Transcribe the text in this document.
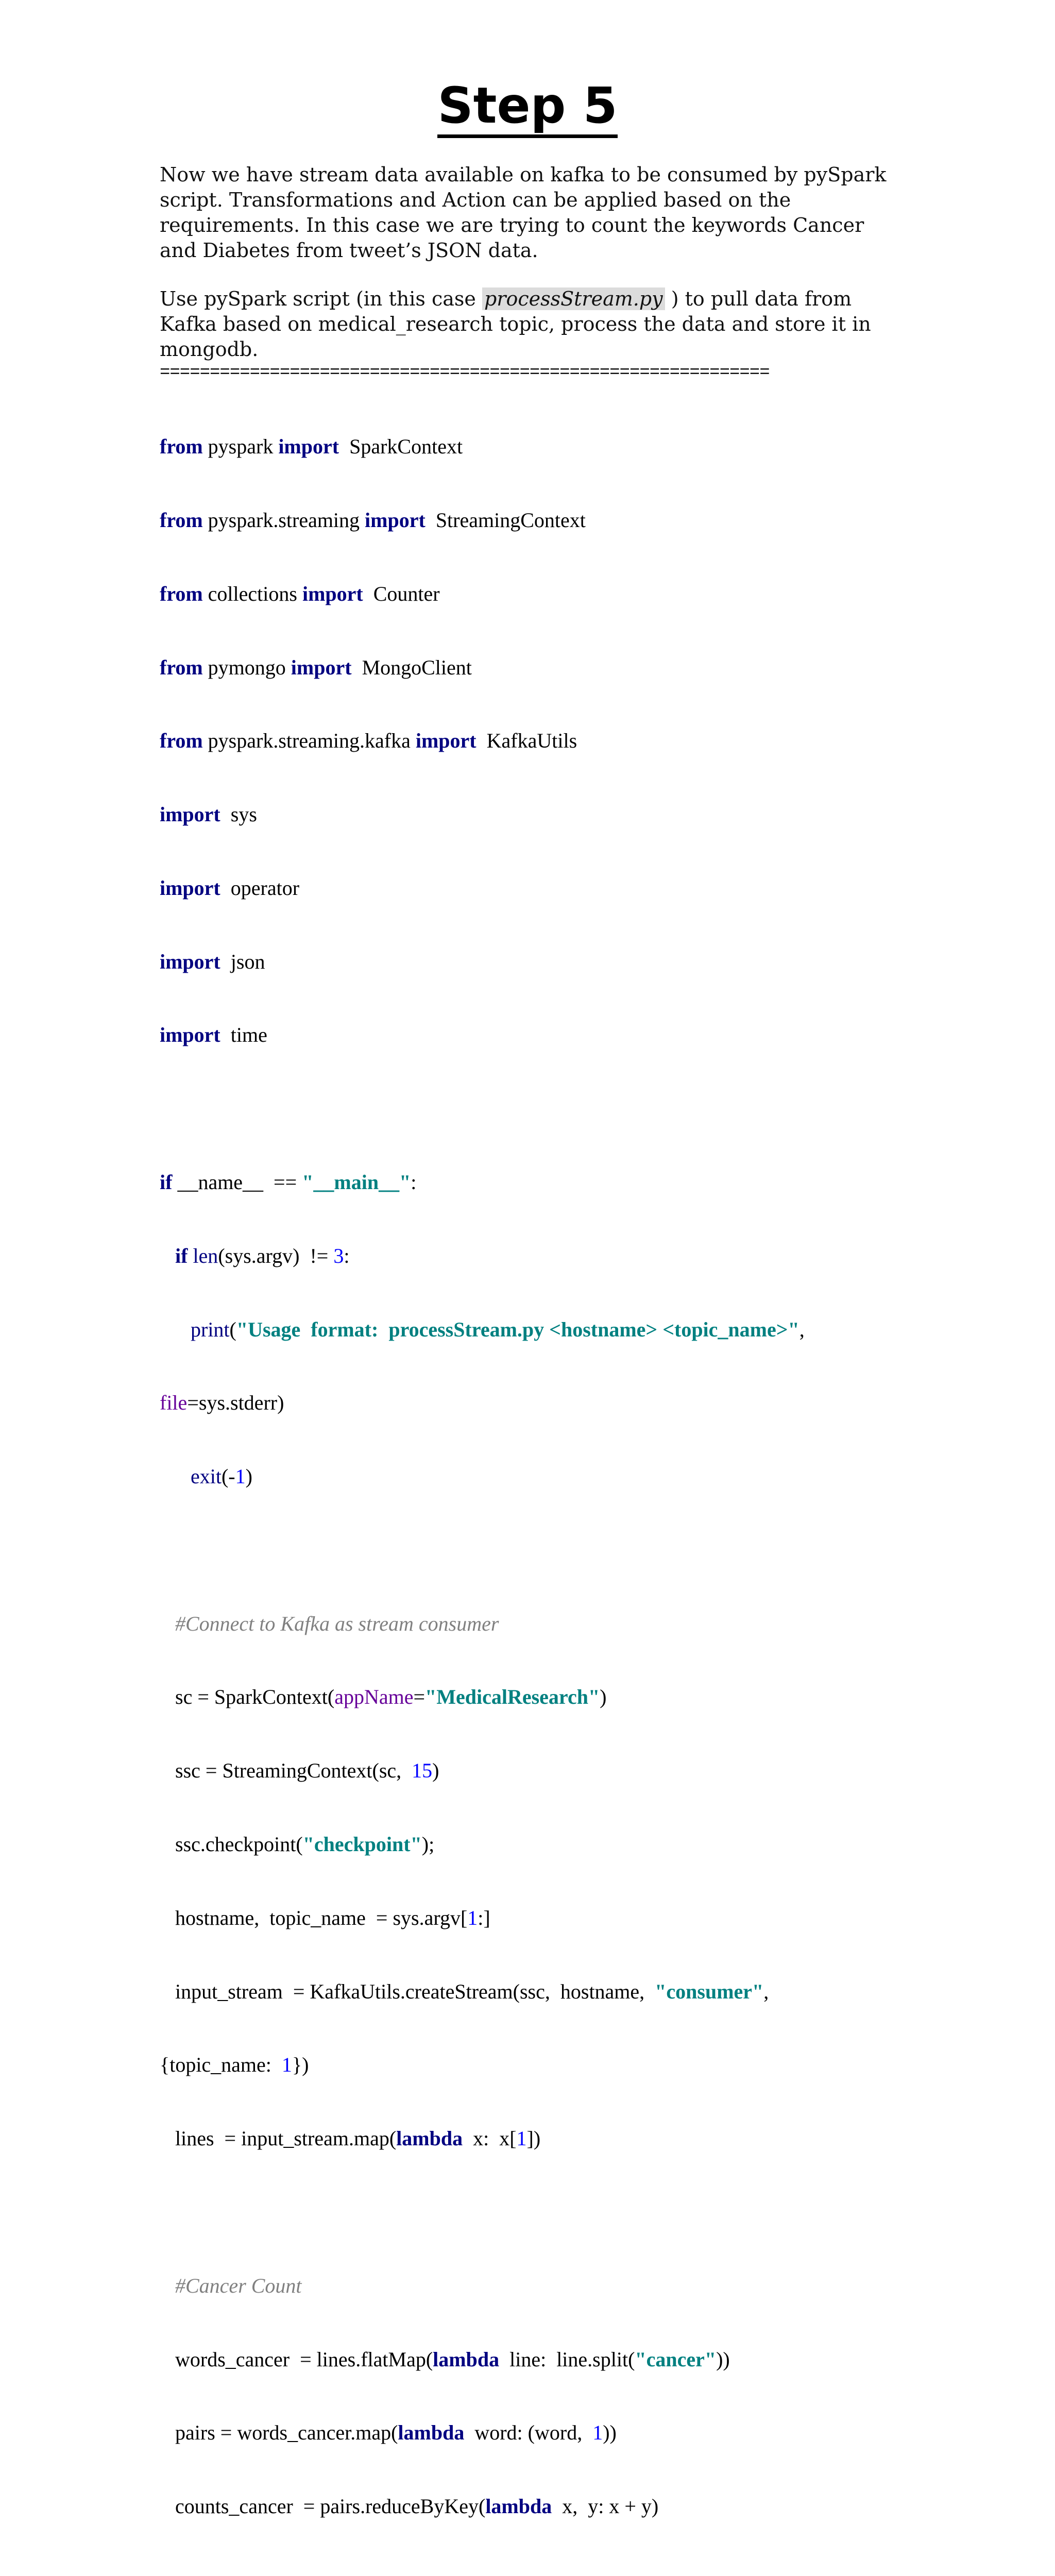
Step 5
Now we have stream data available on kafka to be consumed by pySpark script. Transformations and Action can be applied based on the requirements. In this case we are trying to count the keywords Cancer and Diabetes from tweet’s JSON data.
Use pySpark script (in this case processStream.py ) to pull data from Kafka based on medical_research topic, process the data and store it in mongodb.
=============================================================

from pyspark import  SparkContext

from pyspark.streaming import  StreamingContext

from collections import  Counter

from pymongo import  MongoClient

from pyspark.streaming.kafka import  KafkaUtils

import  sys

import  operator

import  json

import  time

if __name__  == "__main__":

if len(sys.argv)  != 3:

print("Usage  format:  processStream.py <hostname> <topic_name>",

file=sys.stderr)

exit(-1)

#Connect to Kafka as stream consumer

sc = SparkContext(appName="MedicalResearch")

ssc = StreamingContext(sc,  15)

ssc.checkpoint("checkpoint");

hostname,  topic_name  = sys.argv[1:]

input_stream  = KafkaUtils.createStream(ssc,  hostname,  "consumer",

{topic_name:  1})

lines  = input_stream.map(lambda  x:  x[1])

#Cancer Count

words_cancer  = lines.flatMap(lambda  line:  line.split("cancer"))

pairs = words_cancer.map(lambda  word: (word,  1))

counts_cancer  = pairs.reduceByKey(lambda  x,  y: x + y)
